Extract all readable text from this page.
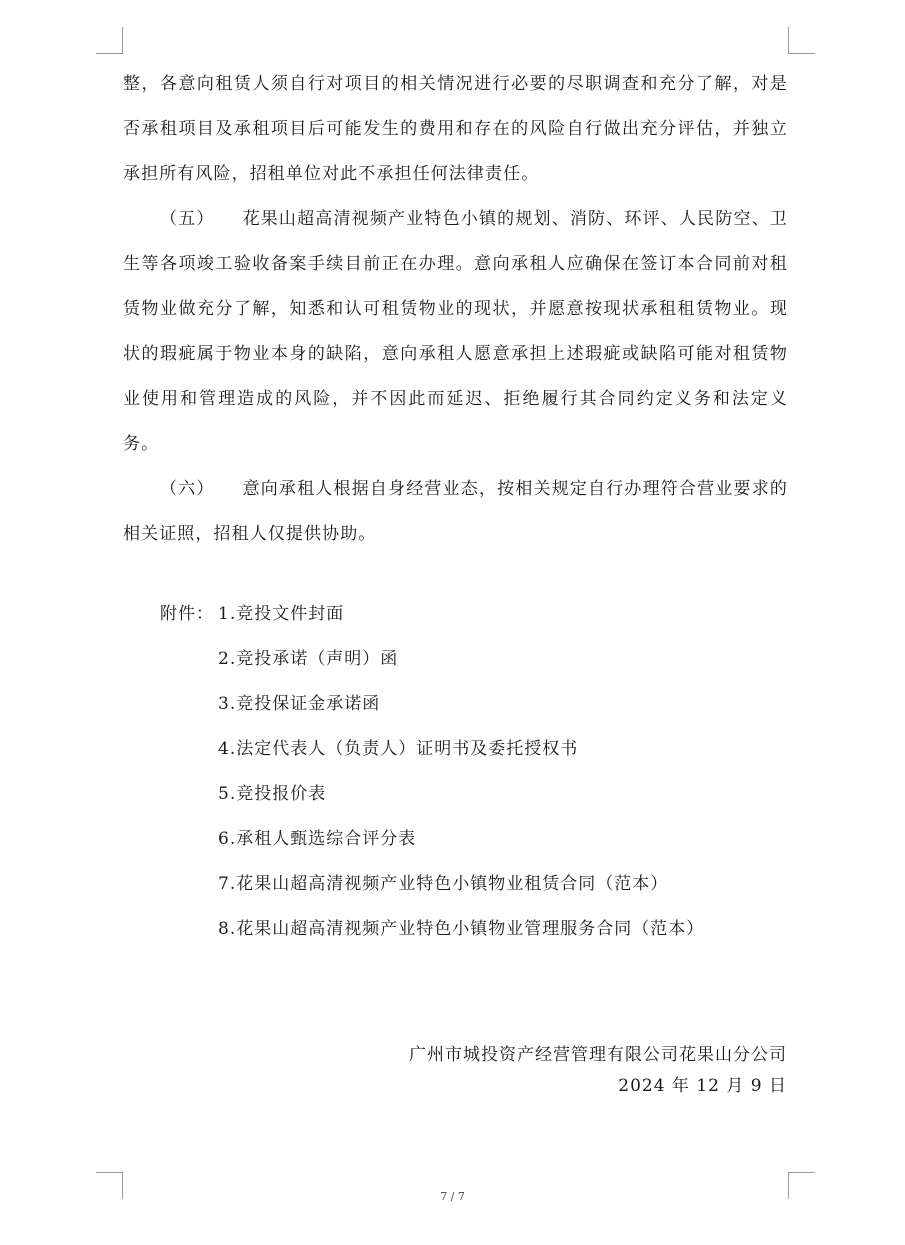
整，各意向租赁人须自行对项目的相关情况进行必要的尽职调查和充分了解，对是否承租项目及承租项目后可能发生的费用和存在的风险自行做出充分评估，并独立承担所有风险，招租单位对此不承担任何法律责任。

（五） 花果山超高清视频产业特色小镇的规划、消防、环评、人民防空、卫生等各项竣工验收备案手续目前正在办理。意向承租人应确保在签订本合同前对租赁物业做充分了解，知悉和认可租赁物业的现状，并愿意按现状承租租赁物业。现状的瑕疵属于物业本身的缺陷，意向承租人愿意承担上述瑕疵或缺陷可能对租赁物业使用和管理造成的风险，并不因此而延迟、拒绝履行其合同约定义务和法定义务。

（六） 意向承租人根据自身经营业态，按相关规定自行办理符合营业要求的相关证照，招租人仅提供协助。

附件： 1.竞投文件封面
2.竞投承诺（声明）函
3.竞投保证金承诺函
4.法定代表人（负责人）证明书及委托授权书
5.竞投报价表
6.承租人甄选综合评分表
7.花果山超高清视频产业特色小镇物业租赁合同（范本）
8.花果山超高清视频产业特色小镇物业管理服务合同（范本）
广州市城投资产经营管理有限公司花果山分公司
2024 年 12 月 9 日
7 / 7
